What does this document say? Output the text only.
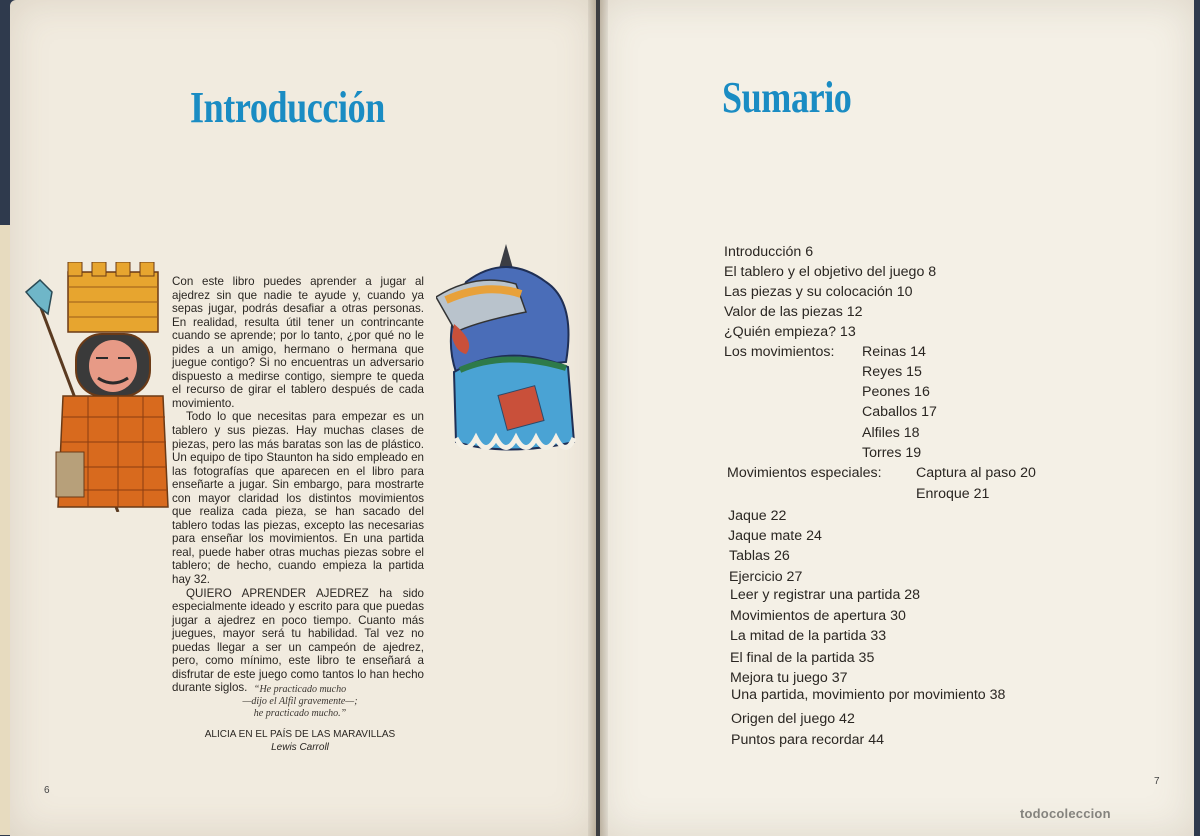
Introducción

Con este libro puedes aprender a jugar al ajedrez sin que nadie te ayude y, cuando ya sepas jugar, podrás desafiar a otras personas. En realidad, resulta útil tener un contrincante cuando se aprende; por lo tanto, ¿por qué no le pides a un amigo, hermano o hermana que juegue contigo? Si no encuentras un adversario dispuesto a medirse contigo, siempre te queda el recurso de girar el tablero después de cada movimiento.

Todo lo que necesitas para empezar es un tablero y sus piezas. Hay muchas clases de piezas, pero las más baratas son las de plástico. Un equipo de tipo Staunton ha sido empleado en las fotografías que aparecen en el libro para enseñarte a jugar. Sin embargo, para mostrarte con mayor claridad los distintos movimientos que realiza cada pieza, se han sacado del tablero todas las piezas, excepto las necesarias para enseñar los movimientos. En una partida real, puede haber otras muchas piezas sobre el tablero; de hecho, cuando empieza la partida hay 32.

QUIERO APRENDER AJEDREZ ha sido especialmente ideado y escrito para que puedas jugar a ajedrez en poco tiempo. Cuanto más juegues, mayor será tu habilidad. Tal vez no puedas llegar a ser un campeón de ajedrez, pero, como mínimo, este libro te enseñará a disfrutar de este juego como tantos lo han hecho durante siglos. “He practicado mucho
—dijo el Alfil gravemente—;
he practicado mucho.”
ALICIA EN EL PAÍS DE LAS MARAVILLAS
Lewis Carroll
6
Sumario
Introducción 6
El tablero y el objetivo del juego 8
Las piezas y su colocación 10
Valor de las piezas 12
¿Quién empieza? 13
Los movimientos: Reinas 14
Reyes 15
Peones 16
Caballos 17
Alfiles 18
Torres 19
Movimientos especiales: Captura al paso 20
Enroque 21
Jaque 22
Jaque mate 24
Tablas 26
Ejercicio 27
Leer y registrar una partida 28
Movimientos de apertura 30
La mitad de la partida 33
El final de la partida 35
Mejora tu juego 37
Una partida, movimiento por movimiento 38
Origen del juego 42
Puntos para recordar 44
7
todocoleccion
